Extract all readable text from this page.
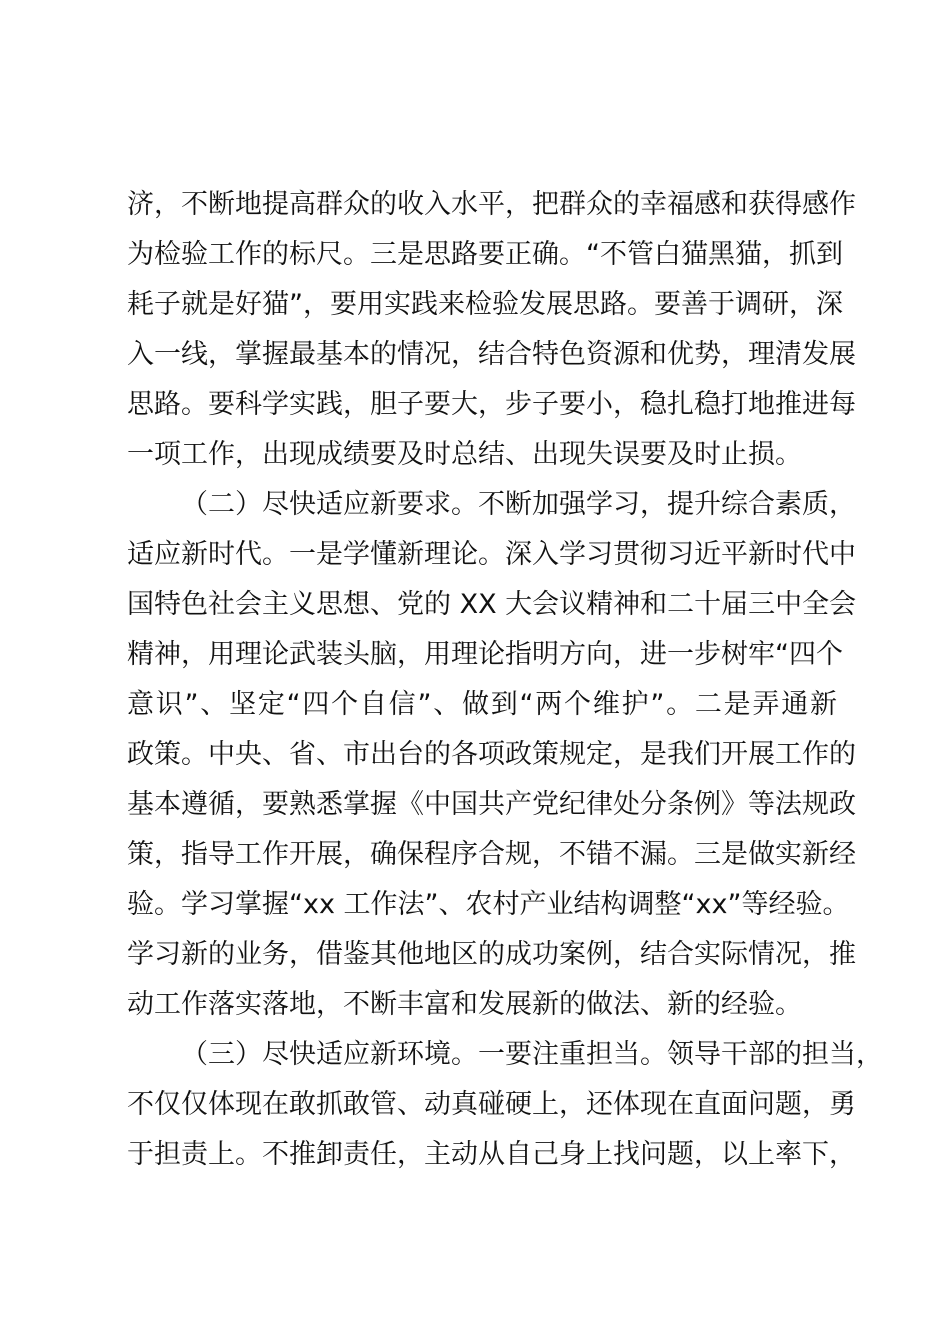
济，不断地提高群众的收入水平，把群众的幸福感和获得感作
为检验工作的标尺。三是思路要正确。“不管白猫黑猫，抓到
耗子就是好猫”，要用实践来检验发展思路。要善于调研，深
入一线，掌握最基本的情况，结合特色资源和优势，理清发展
思路。要科学实践，胆子要大，步子要小，稳扎稳打地推进每
一项工作，出现成绩要及时总结、出现失误要及时止损。
（二）尽快适应新要求。不断加强学习，提升综合素质，
适应新时代。一是学懂新理论。深入学习贯彻习近平新时代中
国特色社会主义思想、党的 XX 大会议精神和二十届三中全会
精神，用理论武装头脑，用理论指明方向，进一步树牢“四个
意识”、坚定“四个自信”、做到“两个维护”。二是弄通新
政策。中央、省、市出台的各项政策规定，是我们开展工作的
基本遵循，要熟悉掌握《中国共产党纪律处分条例》等法规政
策，指导工作开展，确保程序合规，不错不漏。三是做实新经
验。学习掌握“xx 工作法”、农村产业结构调整“xx”等经验。
学习新的业务，借鉴其他地区的成功案例，结合实际情况，推
动工作落实落地，不断丰富和发展新的做法、新的经验。
（三）尽快适应新环境。一要注重担当。领导干部的担当，
不仅仅体现在敢抓敢管、动真碰硬上，还体现在直面问题，勇
于担责上。不推卸责任，主动从自己身上找问题，以上率下，
